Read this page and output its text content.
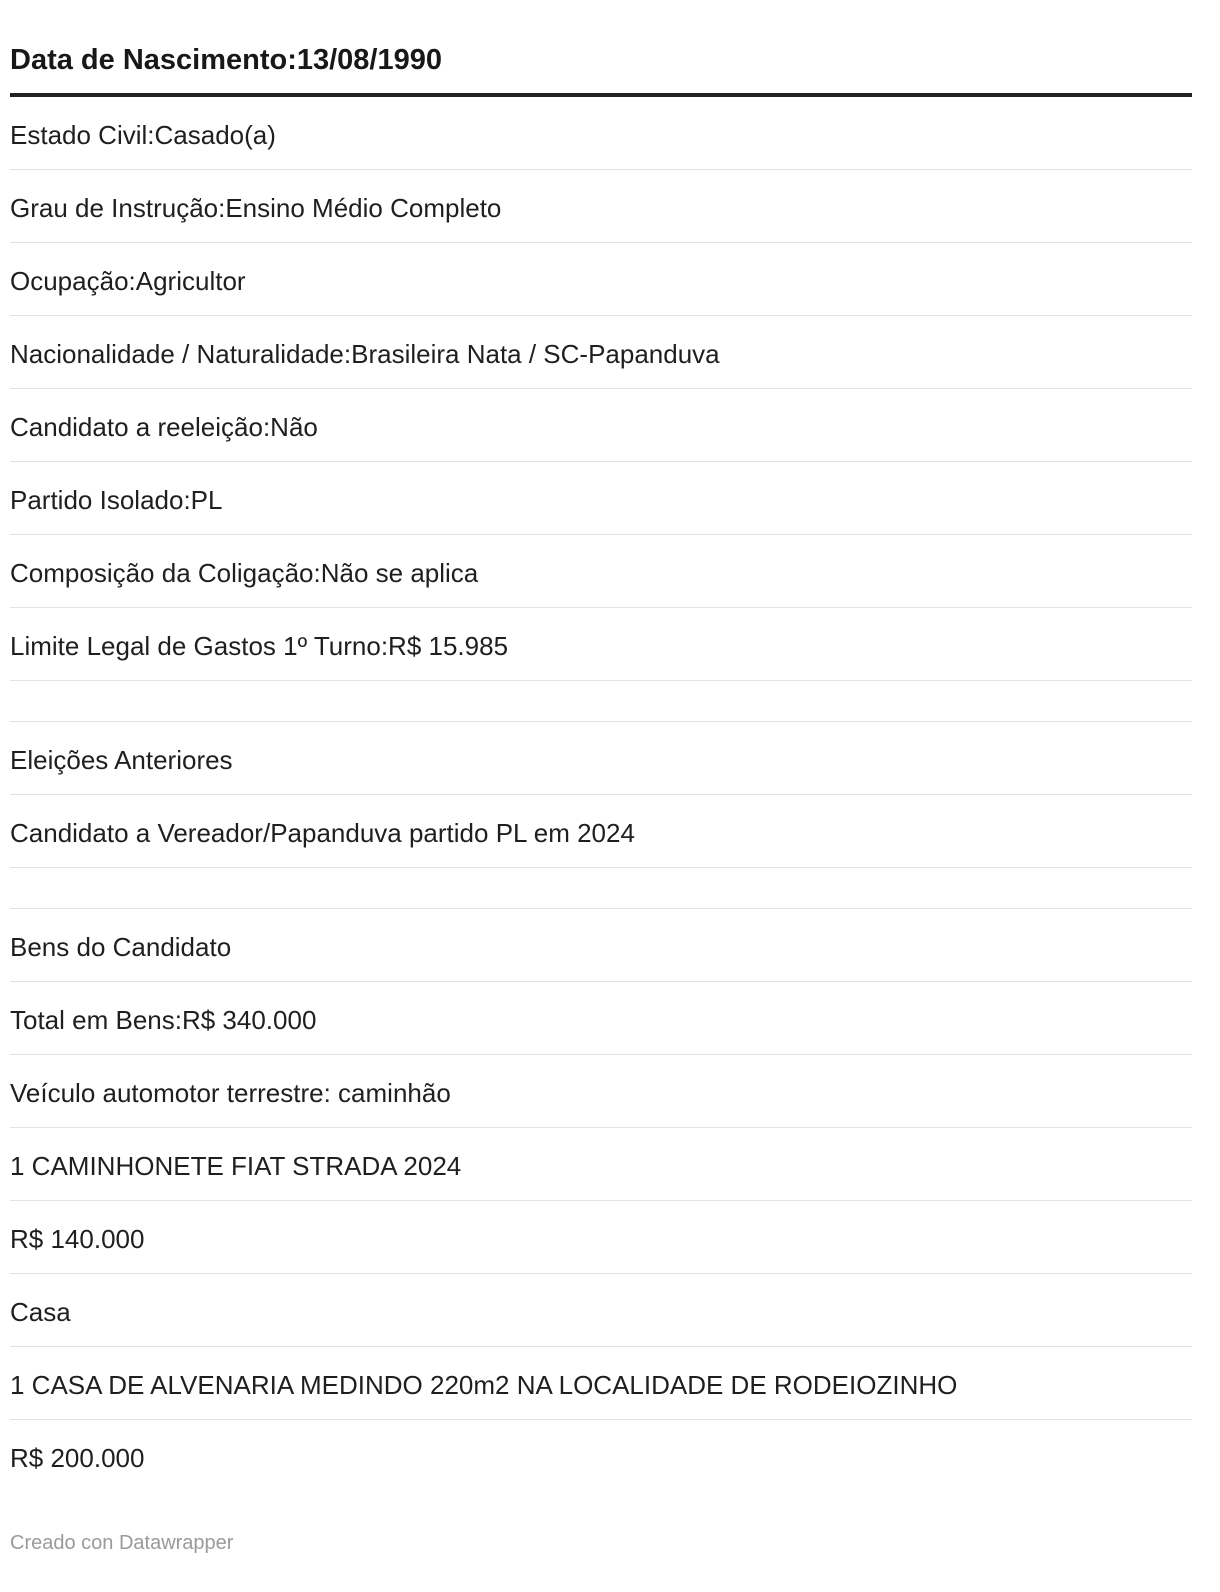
Data de Nascimento:13/08/1990
Estado Civil:Casado(a)
Grau de Instrução:Ensino Médio Completo
Ocupação:Agricultor
Nacionalidade / Naturalidade:Brasileira Nata / SC-Papanduva
Candidato a reeleição:Não
Partido Isolado:PL
Composição da Coligação:Não se aplica
Limite Legal de Gastos 1º Turno:R$ 15.985
Eleições Anteriores
Candidato a Vereador/Papanduva partido PL em 2024
Bens do Candidato
Total em Bens:R$ 340.000
Veículo automotor terrestre: caminhão
1 CAMINHONETE FIAT STRADA 2024
R$ 140.000
Casa
1 CASA DE ALVENARIA MEDINDO 220m2 NA LOCALIDADE DE RODEIOZINHO
R$ 200.000
Creado con Datawrapper
